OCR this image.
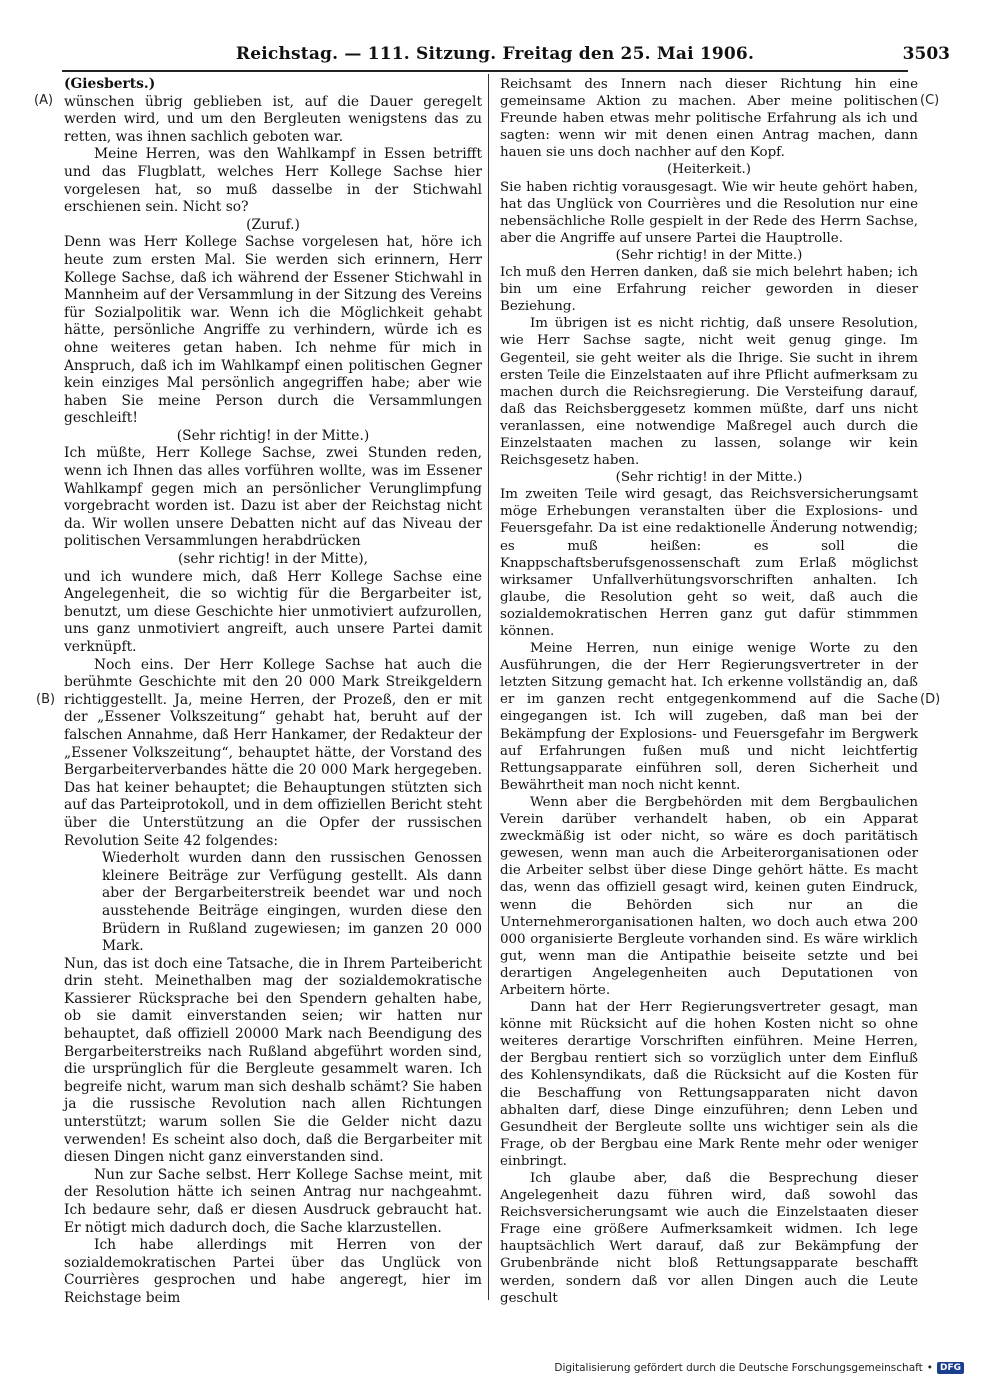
Reichstag. — 111. Sitzung. Freitag den 25. Mai 1906.	3503
(A)
(B)
(C)
(D)

(Giesberts.)

wünschen übrig geblieben ist, auf die Dauer geregelt werden wird, und um den Bergleuten wenigstens das zu retten, was ihnen sachlich geboten war.

Meine Herren, was den Wahlkampf in Essen betrifft und das Flugblatt, welches Herr Kollege Sachse hier vorgelesen hat, so muß dasselbe in der Stichwahl erschienen sein. Nicht so?

(Zuruf.)

Denn was Herr Kollege Sachse vorgelesen hat, höre ich heute zum ersten Mal. Sie werden sich erinnern, Herr Kollege Sachse, daß ich während der Essener Stichwahl in Mannheim auf der Versammlung in der Sitzung des Vereins für Sozialpolitik war. Wenn ich die Möglichkeit gehabt hätte, persönliche Angriffe zu verhindern, würde ich es ohne weiteres getan haben. Ich nehme für mich in Anspruch, daß ich im Wahlkampf einen politischen Gegner kein einziges Mal persönlich angegriffen habe; aber wie haben Sie meine Person durch die Versammlungen geschleift!

(Sehr richtig! in der Mitte.)

Ich müßte, Herr Kollege Sachse, zwei Stunden reden, wenn ich Ihnen das alles vorführen wollte, was im Essener Wahlkampf gegen mich an persönlicher Verunglimpfung vorgebracht worden ist. Dazu ist aber der Reichstag nicht da. Wir wollen unsere Debatten nicht auf das Niveau der politischen Versammlungen herabdrücken

(sehr richtig! in der Mitte),

und ich wundere mich, daß Herr Kollege Sachse eine Angelegenheit, die so wichtig für die Bergarbeiter ist, benutzt, um diese Geschichte hier unmotiviert aufzurollen, uns ganz unmotiviert angreift, auch unsere Partei damit verknüpft.

Noch eins. Der Herr Kollege Sachse hat auch die berühmte Geschichte mit den 20 000 Mark Streikgeldern richtiggestellt. Ja, meine Herren, der Prozeß, den er mit der „Essener Volkszeitung“ gehabt hat, beruht auf der falschen Annahme, daß Herr Hankamer, der Redakteur der „Essener Volkszeitung“, behauptet hätte, der Vorstand des Bergarbeiterverbandes hätte die 20 000 Mark hergegeben. Das hat keiner behauptet; die Behauptungen stützten sich auf das Parteiprotokoll, und in dem offiziellen Bericht steht über die Unterstützung an die Opfer der russischen Revolution Seite 42 folgendes:

Wiederholt wurden dann den russischen Genossen kleinere Beiträge zur Verfügung gestellt. Als dann aber der Bergarbeiterstreik beendet war und noch ausstehende Beiträge eingingen, wurden diese den Brüdern in Rußland zugewiesen; im ganzen 20 000 Mark.

Nun, das ist doch eine Tatsache, die in Ihrem Parteibericht drin steht. Meinethalben mag der sozialdemokratische Kassierer Rücksprache bei den Spendern gehalten habe, ob sie damit einverstanden seien; wir hatten nur behauptet, daß offiziell 20000 Mark nach Beendigung des Bergarbeiterstreiks nach Rußland abgeführt worden sind, die ursprünglich für die Bergleute gesammelt waren. Ich begreife nicht, warum man sich deshalb schämt? Sie haben ja die russische Revolution nach allen Richtungen unterstützt; warum sollen Sie die Gelder nicht dazu verwenden! Es scheint also doch, daß die Bergarbeiter mit diesen Dingen nicht ganz einverstanden sind.

Nun zur Sache selbst. Herr Kollege Sachse meint, mit der Resolution hätte ich seinen Antrag nur nachgeahmt. Ich bedaure sehr, daß er diesen Ausdruck gebraucht hat. Er nötigt mich dadurch doch, die Sache klarzustellen.

Ich habe allerdings mit Herren von der sozialdemokratischen Partei über das Unglück von Courrières gesprochen und habe angeregt, hier im Reichstage beim

Reichsamt des Innern nach dieser Richtung hin eine gemeinsame Aktion zu machen. Aber meine politischen Freunde haben etwas mehr politische Erfahrung als ich und sagten: wenn wir mit denen einen Antrag machen, dann hauen sie uns doch nachher auf den Kopf.

(Heiterkeit.)

Sie haben richtig vorausgesagt. Wie wir heute gehört haben, hat das Unglück von Courrières und die Resolution nur eine nebensächliche Rolle gespielt in der Rede des Herrn Sachse, aber die Angriffe auf unsere Partei die Hauptrolle.

(Sehr richtig! in der Mitte.)

Ich muß den Herren danken, daß sie mich belehrt haben; ich bin um eine Erfahrung reicher geworden in dieser Beziehung.

Im übrigen ist es nicht richtig, daß unsere Resolution, wie Herr Sachse sagte, nicht weit genug ginge. Im Gegenteil, sie geht weiter als die Ihrige. Sie sucht in ihrem ersten Teile die Einzelstaaten auf ihre Pflicht aufmerksam zu machen durch die Reichsregierung. Die Versteifung darauf, daß das Reichsberggesetz kommen müßte, darf uns nicht veranlassen, eine notwendige Maßregel auch durch die Einzelstaaten machen zu lassen, solange wir kein Reichsgesetz haben.

(Sehr richtig! in der Mitte.)

Im zweiten Teile wird gesagt, das Reichsversicherungsamt möge Erhebungen veranstalten über die Explosions- und Feuersgefahr. Da ist eine redaktionelle Änderung notwendig; es muß heißen: es soll die Knappschaftsberufsgenossenschaft zum Erlaß möglichst wirksamer Unfallverhütungsvorschriften anhalten. Ich glaube, die Resolution geht so weit, daß auch die sozialdemokratischen Herren ganz gut dafür stimmmen können.

Meine Herren, nun einige wenige Worte zu den Ausführungen, die der Herr Regierungsvertreter in der letzten Sitzung gemacht hat. Ich erkenne vollständig an, daß er im ganzen recht entgegenkommend auf die Sache eingegangen ist. Ich will zugeben, daß man bei der Bekämpfung der Explosions- und Feuersgefahr im Bergwerk auf Erfahrungen fußen muß und nicht leichtfertig Rettungsapparate einführen soll, deren Sicherheit und Bewährtheit man noch nicht kennt.

Wenn aber die Bergbehörden mit dem Bergbaulichen Verein darüber verhandelt haben, ob ein Apparat zweckmäßig ist oder nicht, so wäre es doch paritätisch gewesen, wenn man auch die Arbeiterorganisationen oder die Arbeiter selbst über diese Dinge gehört hätte. Es macht das, wenn das offiziell gesagt wird, keinen guten Eindruck, wenn die Behörden sich nur an die Unternehmerorganisationen halten, wo doch auch etwa 200 000 organisierte Bergleute vorhanden sind. Es wäre wirklich gut, wenn man die Antipathie beiseite setzte und bei derartigen Angelegenheiten auch Deputationen von Arbeitern hörte.

Dann hat der Herr Regierungsvertreter gesagt, man könne mit Rücksicht auf die hohen Kosten nicht so ohne weiteres derartige Vorschriften einführen. Meine Herren, der Bergbau rentiert sich so vorzüglich unter dem Einfluß des Kohlensyndikats, daß die Rücksicht auf die Kosten für die Beschaffung von Rettungsapparaten nicht davon abhalten darf, diese Dinge einzuführen; denn Leben und Gesundheit der Bergleute sollte uns wichtiger sein als die Frage, ob der Bergbau eine Mark Rente mehr oder weniger einbringt.

Ich glaube aber, daß die Besprechung dieser Angelegenheit dazu führen wird, daß sowohl das Reichsversicherungsamt wie auch die Einzelstaaten dieser Frage eine größere Aufmerksamkeit widmen. Ich lege hauptsächlich Wert darauf, daß zur Bekämpfung der Grubenbrände nicht bloß Rettungsapparate beschafft werden, sondern daß vor allen Dingen auch die Leute geschult

Digitalisierung gefördert durch die Deutsche Forschungsgemeinschaft • DFG
